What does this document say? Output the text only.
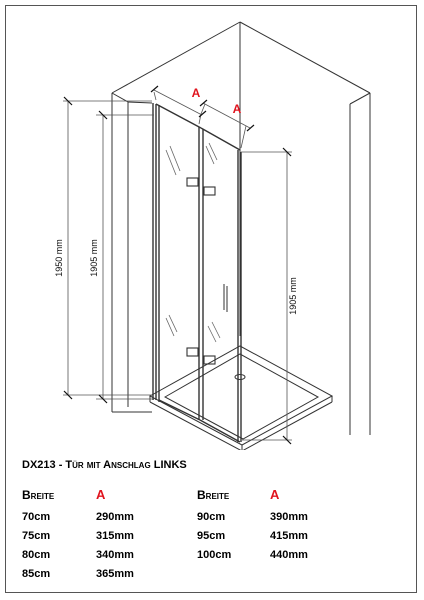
1950 mm	1905 mm
1905 mm
A
A
DX213 - Tür mit Anschlag LINKS
Breite	A
70cm	290mm
75cm	315mm
80cm	340mm
85cm	365mm
Breite	A
90cm	390mm
95cm	415mm
100cm	440mm
